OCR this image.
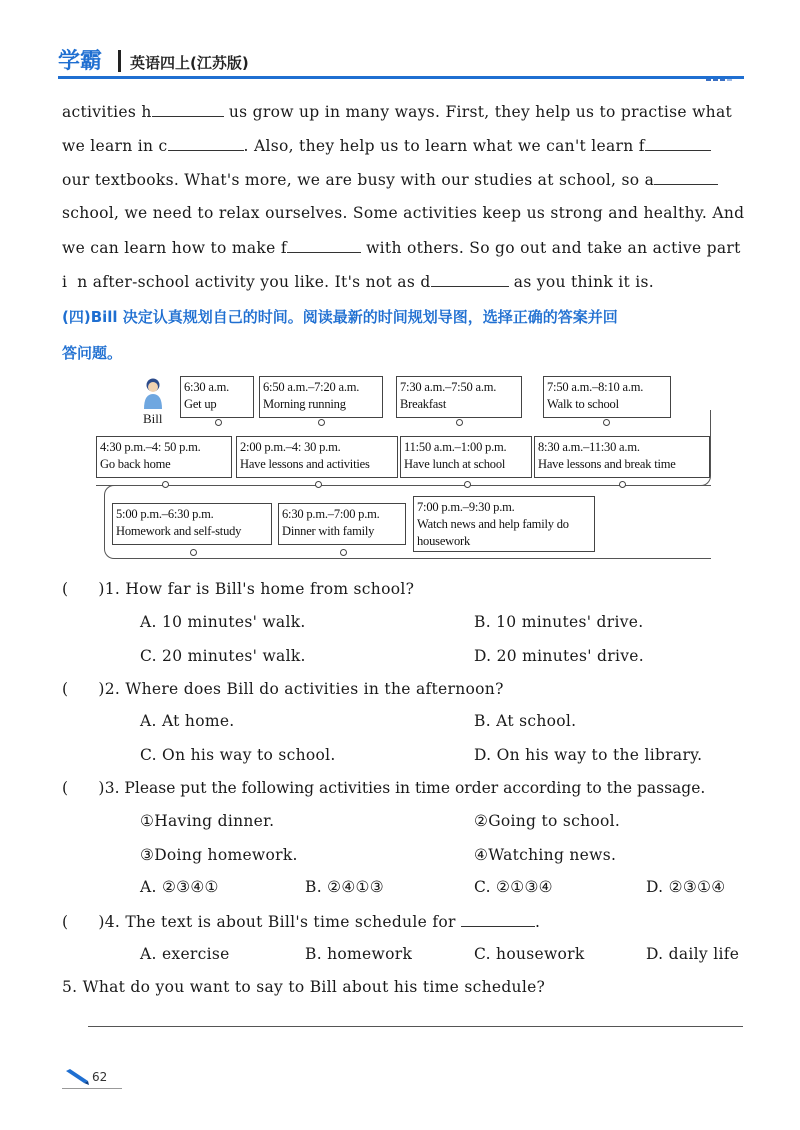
学霸 英语四上(江苏版)
activities h	us grow up in many ways. First, they help us to practise what
we learn in c	. Also, they help us to learn what we can't learn f
our textbooks. What's more, we are busy with our studies at school, so a
school, we need to relax ourselves. Some activities keep us strong and healthy. And
we can learn how to make f	with others. So go out and take an active part
i n after-school activity you like. It's not as d	as you think it is.
(四)Bill 决定认真规划自己的时间。阅读最新的时间规划导图，选择正确的答案并回
答问题。
Bill
6:30 a.m.
Get up
6:50 a.m.–7:20 a.m.
Morning running
7:30 a.m.–7:50 a.m.
Breakfast
7:50 a.m.–8:10 a.m.
Walk to school
4:30 p.m.–4: 50 p.m.
Go back home
2:00 p.m.–4: 30 p.m.
Have lessons and activities
11:50 a.m.–1:00 p.m.
Have lunch at school
8:30 a.m.–11:30 a.m.
Have lessons and break time
5:00 p.m.–6:30 p.m.
Homework and self-study
6:30 p.m.–7:00 p.m.
Dinner with family
7:00 p.m.–9:30 p.m.
Watch news and help family do housework
( )1. How far is Bill's home from school?
A. 10 minutes' walk.	B. 10 minutes' drive.
C. 20 minutes' walk.	D. 20 minutes' drive.
( )2. Where does Bill do activities in the afternoon?
A. At home.	B. At school.
C. On his way to school.	D. On his way to the library.
( )3. Please put the following activities in time order according to the passage.
①Having dinner.	②Going to school.
③Doing homework.	④Watching news.
A. ②③④①	B. ②④①③	C. ②①③④	D. ②③①④
( )4. The text is about Bill's time schedule for	.
A. exercise	B. homework	C. housework	D. daily life
5. What do you want to say to Bill about his time schedule?
62
